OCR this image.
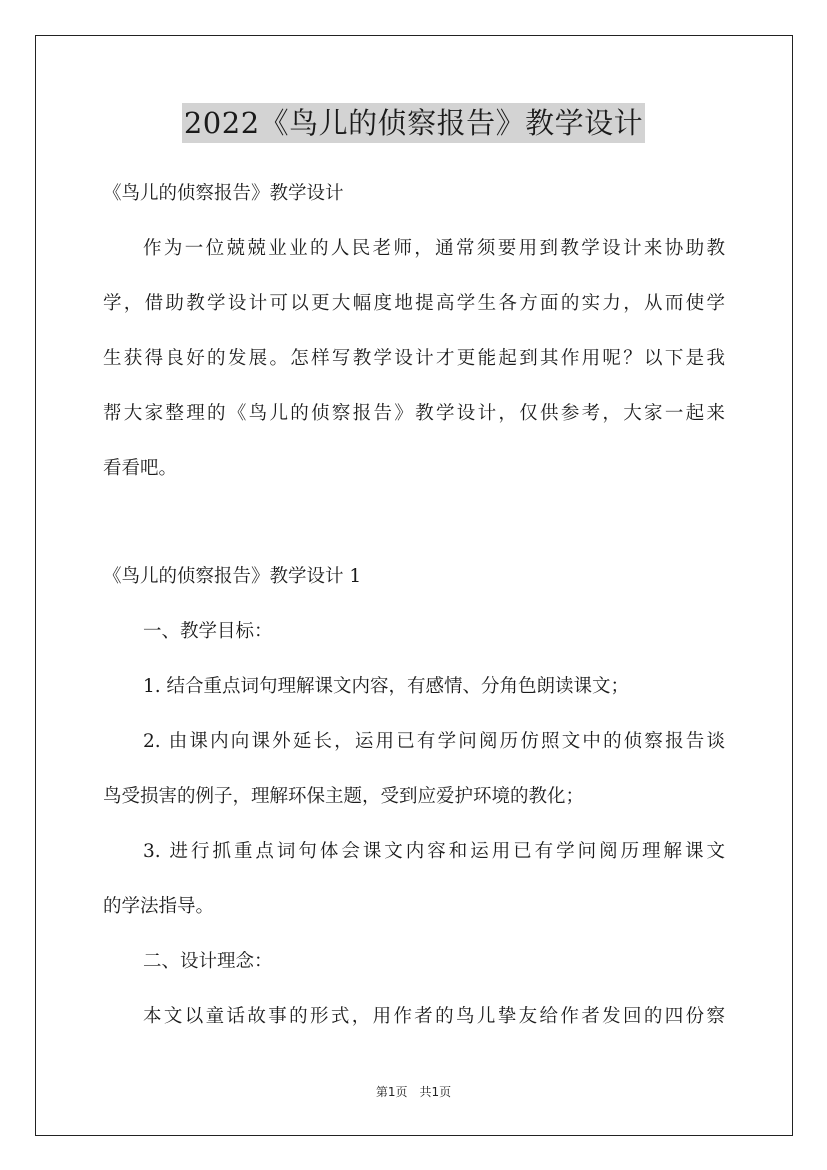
2022《鸟儿的侦察报告》教学设计
《鸟儿的侦察报告》教学设计
作为一位兢兢业业的人民老师，通常须要用到教学设计来协助教
学，借助教学设计可以更大幅度地提高学生各方面的实力，从而使学
生获得良好的发展。怎样写教学设计才更能起到其作用呢？以下是我
帮大家整理的《鸟儿的侦察报告》教学设计，仅供参考，大家一起来
看看吧。
《鸟儿的侦察报告》教学设计 1
一、教学目标：
1. 结合重点词句理解课文内容，有感情、分角色朗读课文；
2. 由课内向课外延长，运用已有学问阅历仿照文中的侦察报告谈
鸟受损害的例子，理解环保主题，受到应爱护环境的教化；
3. 进行抓重点词句体会课文内容和运用已有学问阅历理解课文
的学法指导。
二、设计理念：
本文以童话故事的形式，用作者的鸟儿挚友给作者发回的四份察
第1页　共1页
